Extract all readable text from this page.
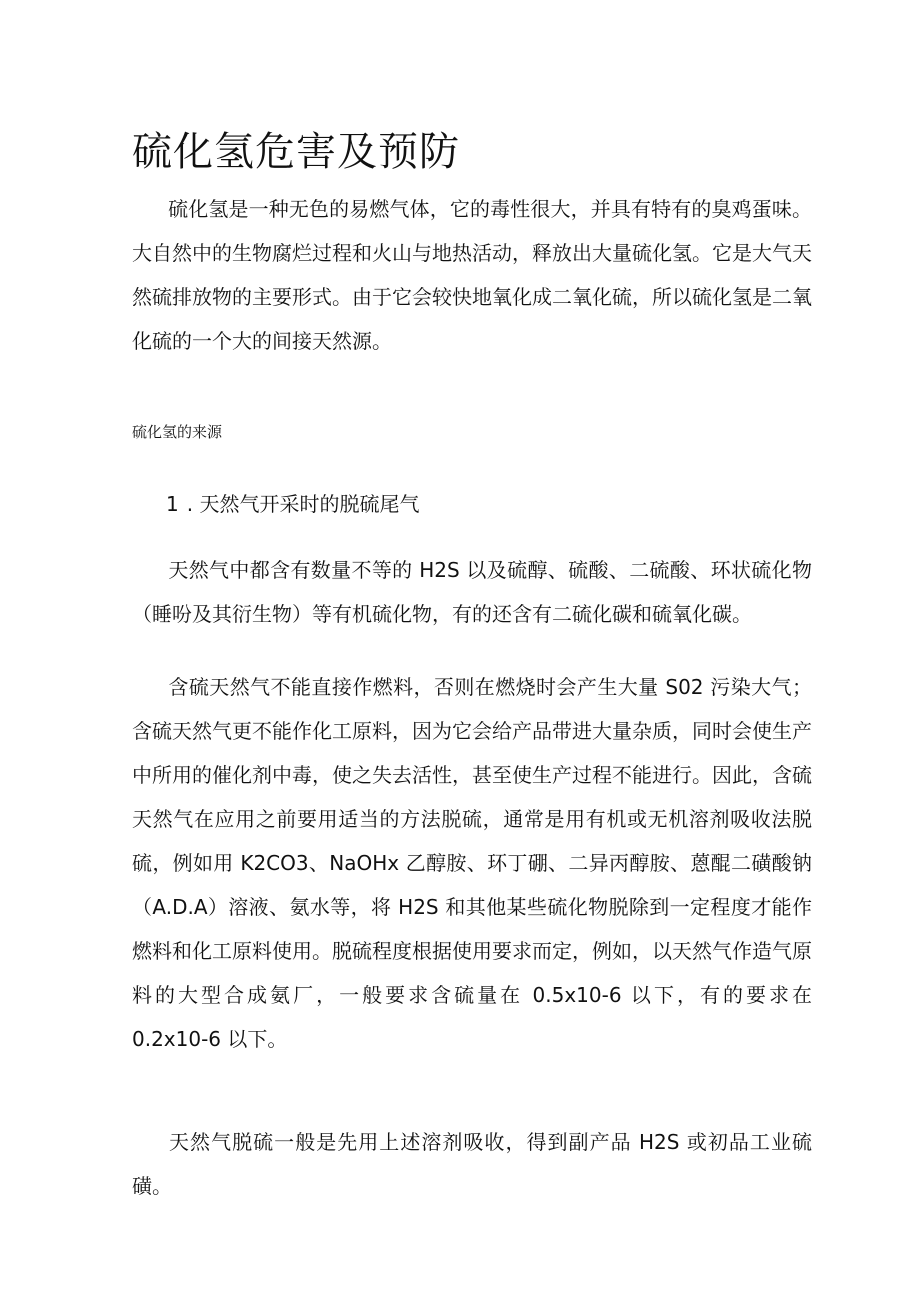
硫化氢危害及预防

硫化氢是一种无色的易燃气体，它的毒性很大，并具有特有的臭鸡蛋味。大自然中的生物腐烂过程和火山与地热活动，释放出大量硫化氢。它是大气天然硫排放物的主要形式。由于它会较快地氧化成二氧化硫，所以硫化氢是二氧化硫的一个大的间接天然源。

硫化氢的来源

1 . 天然气开采时的脱硫尾气

天然气中都含有数量不等的 H2S 以及硫醇、硫酸、二硫酸、环状硫化物（睡吩及其衍生物）等有机硫化物，有的还含有二硫化碳和硫氧化碳。

含硫天然气不能直接作燃料，否则在燃烧时会产生大量 S02 污染大气；含硫天然气更不能作化工原料，因为它会给产品带进大量杂质，同时会使生产中所用的催化剂中毒，使之失去活性，甚至使生产过程不能进行。因此，含硫天然气在应用之前要用适当的方法脱硫，通常是用有机或无机溶剂吸收法脱硫，例如用 K2CO3、NaOHx 乙醇胺、环丁硼、二异丙醇胺、蒽醌二磺酸钠（A.D.A）溶液、氨水等，将 H2S 和其他某些硫化物脱除到一定程度才能作燃料和化工原料使用。脱硫程度根据使用要求而定，例如，以天然气作造气原料的大型合成氨厂，一般要求含硫量在 0.5x10-6 以下，有的要求在 0.2x10-6 以下。

天然气脱硫一般是先用上述溶剂吸收，得到副产品 H2S 或初品工业硫磺。
